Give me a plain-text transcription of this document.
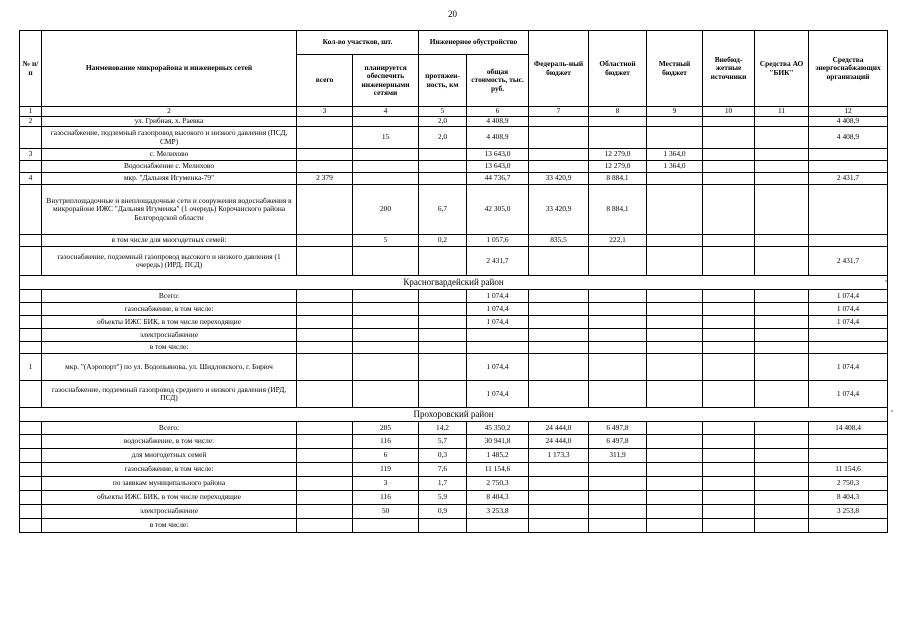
20
№ п/п	Наименование микрорайона и инженерных сетей	Кол-во участков, шт.		Инженерное обустройство		Федераль-ный бюджет	Областной бюджет	Местный бюджет	Внебюд-жетные источники	Средства АО "БИК"	Средства энергоснабжающих организаций
		всего	планируется обеспечить инженерными сетями	протяжен-ность, км	общая стоимость, тыс. руб.						
1	2	3	4	5	6	7	8	9	10	11	12
2	ул. Грибная, х. Раевка			2,0	4 408,9						4 408,9
	газоснабжение, подземный газопровод высокого и низкого давления (ПСД, СМР)		15	2,0	4 408,9						4 408,9
3	с. Мелихово				13 643,0		12 279,0	1 364,0			
	Водоснабжение с. Мелихово				13 643,0		12 279,0	1 364,0			
4	мкр. "Дальняя Игуменка-79"	2 379			44 736,7	33 420,9	8 884,1				2 431,7
	Внутриплощадочные и внеплощадочные сети и сооружения водоснабжения в микрорайоне ИЖС "Дальняя Игуменка" (1 очередь) Корочанского района Белгородской области		200	6,7	42 305,0	33 420,9	8 884,1				
	в том числе для многодетных семей:		5	0,2	1 057,6	835,5	222,1				
	газоснабжение, подземный газопровод высокого и низкого давления (1 очередь) (ИРД, ПСД)				2 431,7						2 431,7
Красногвардейский район											
	Всего:				1 074,4						1 074,4
	газоснабжение, в том числе:				1 074,4						1 074,4
	объекты ИЖС БИК, в том числе переходящие				1 074,4						1 074,4
	электроснабжение										
	в том числе:										
1	мкр. "(Аэропорт") по ул. Водопьянова, ул. Шидловского, г. Бирюч				1 074,4						1 074,4
	газоснабжение, подземный газопровод среднего и низкого давления (ИРД, ПСД)				1 074,4						1 074,4
Прохоровский район											
	Всего:		285	14,2	45 350,2	24 444,0	6 497,8				14 408,4
	водоснабжение, в том числе:		116	5,7	30 941,8	24 444,0	6 497,8				
	для многодетных семей		6	0,3	1 485,2	1 173,3	311,9				
	газоснабжение, в том числе:		119	7,6	11 154,6						11 154,6
	по заявкам муниципального района		3	1,7	2 750,3						2 750,3
	объекты ИЖС БИК, в том числе переходящие		116	5,9	8 404,3						8 404,3
	электроснабжение		50	0,9	3 253,8						3 253,8
	в том числе:										
